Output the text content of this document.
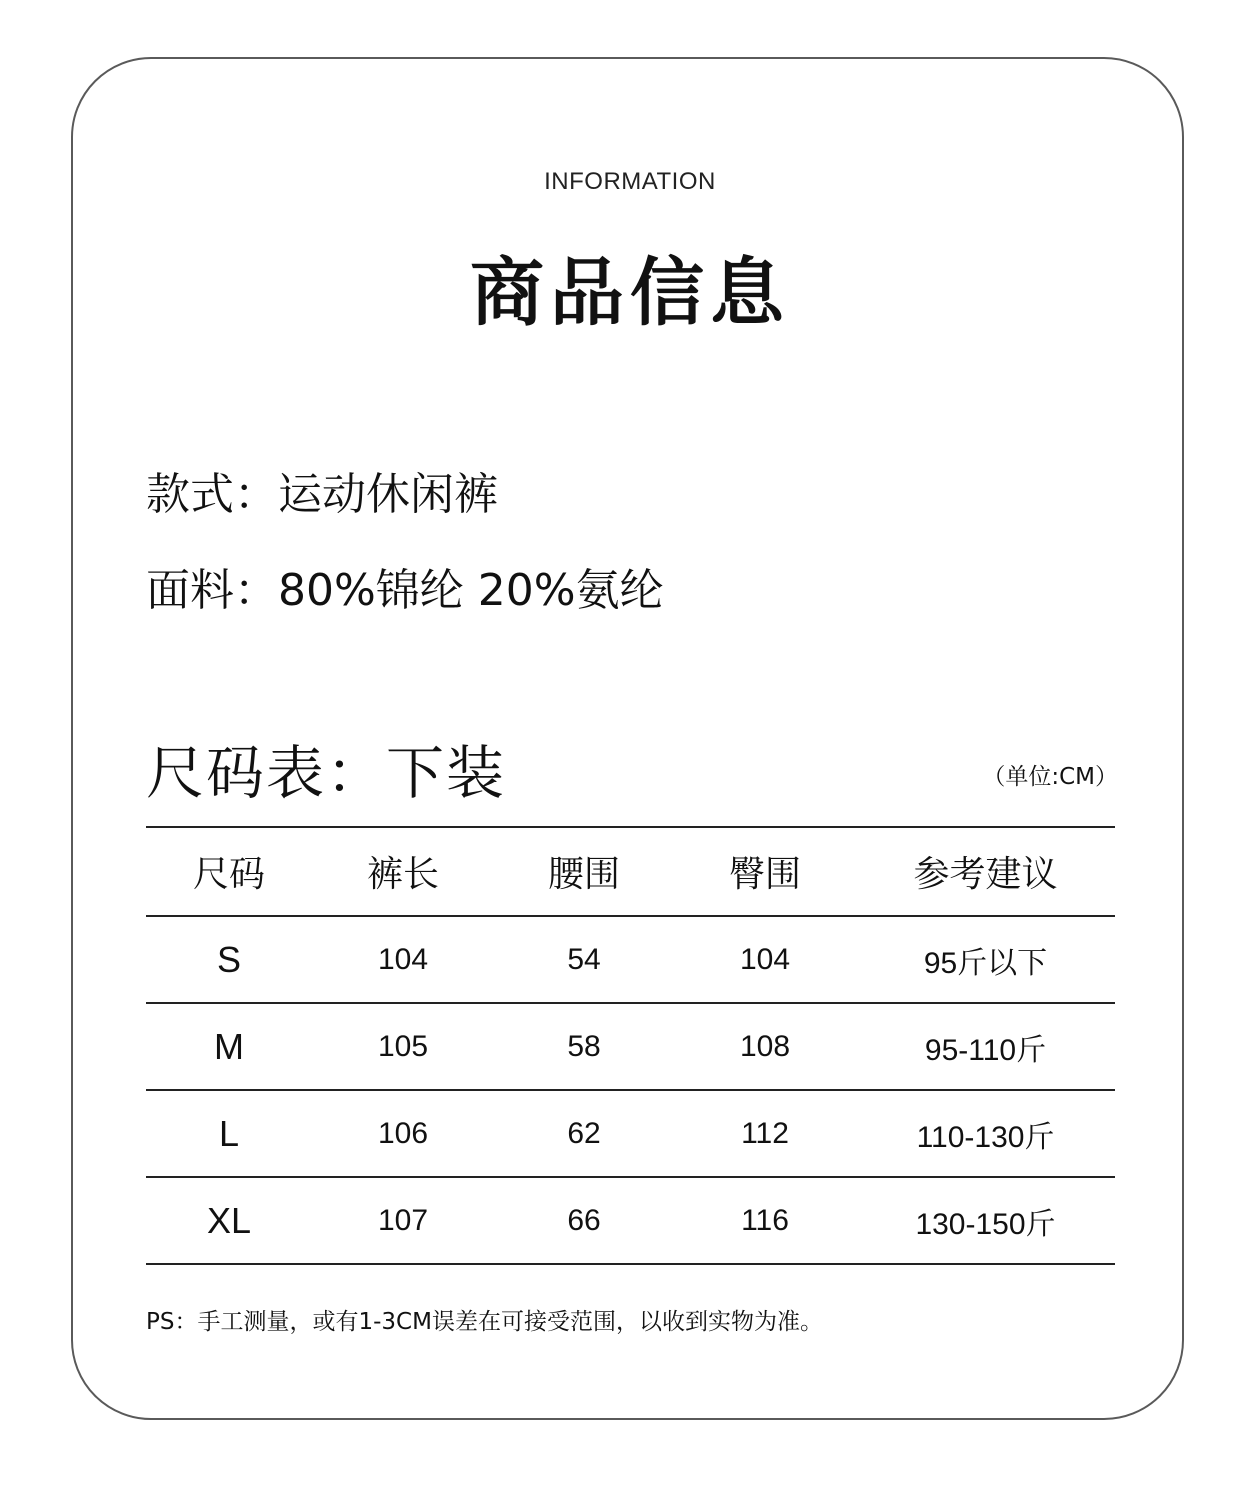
INFORMATION
商品信息
款式：运动休闲裤
面料：80%锦纶 20%氨纶
尺码表：下装	（单位:CM）
尺码	裤长	腰围	臀围	参考建议
S	104	54	104	95斤以下
M	105	58	108	95-110斤
L	106	62	112	110-130斤
XL	107	66	116	130-150斤
PS：手工测量，或有1-3CM误差在可接受范围，以收到实物为准。
